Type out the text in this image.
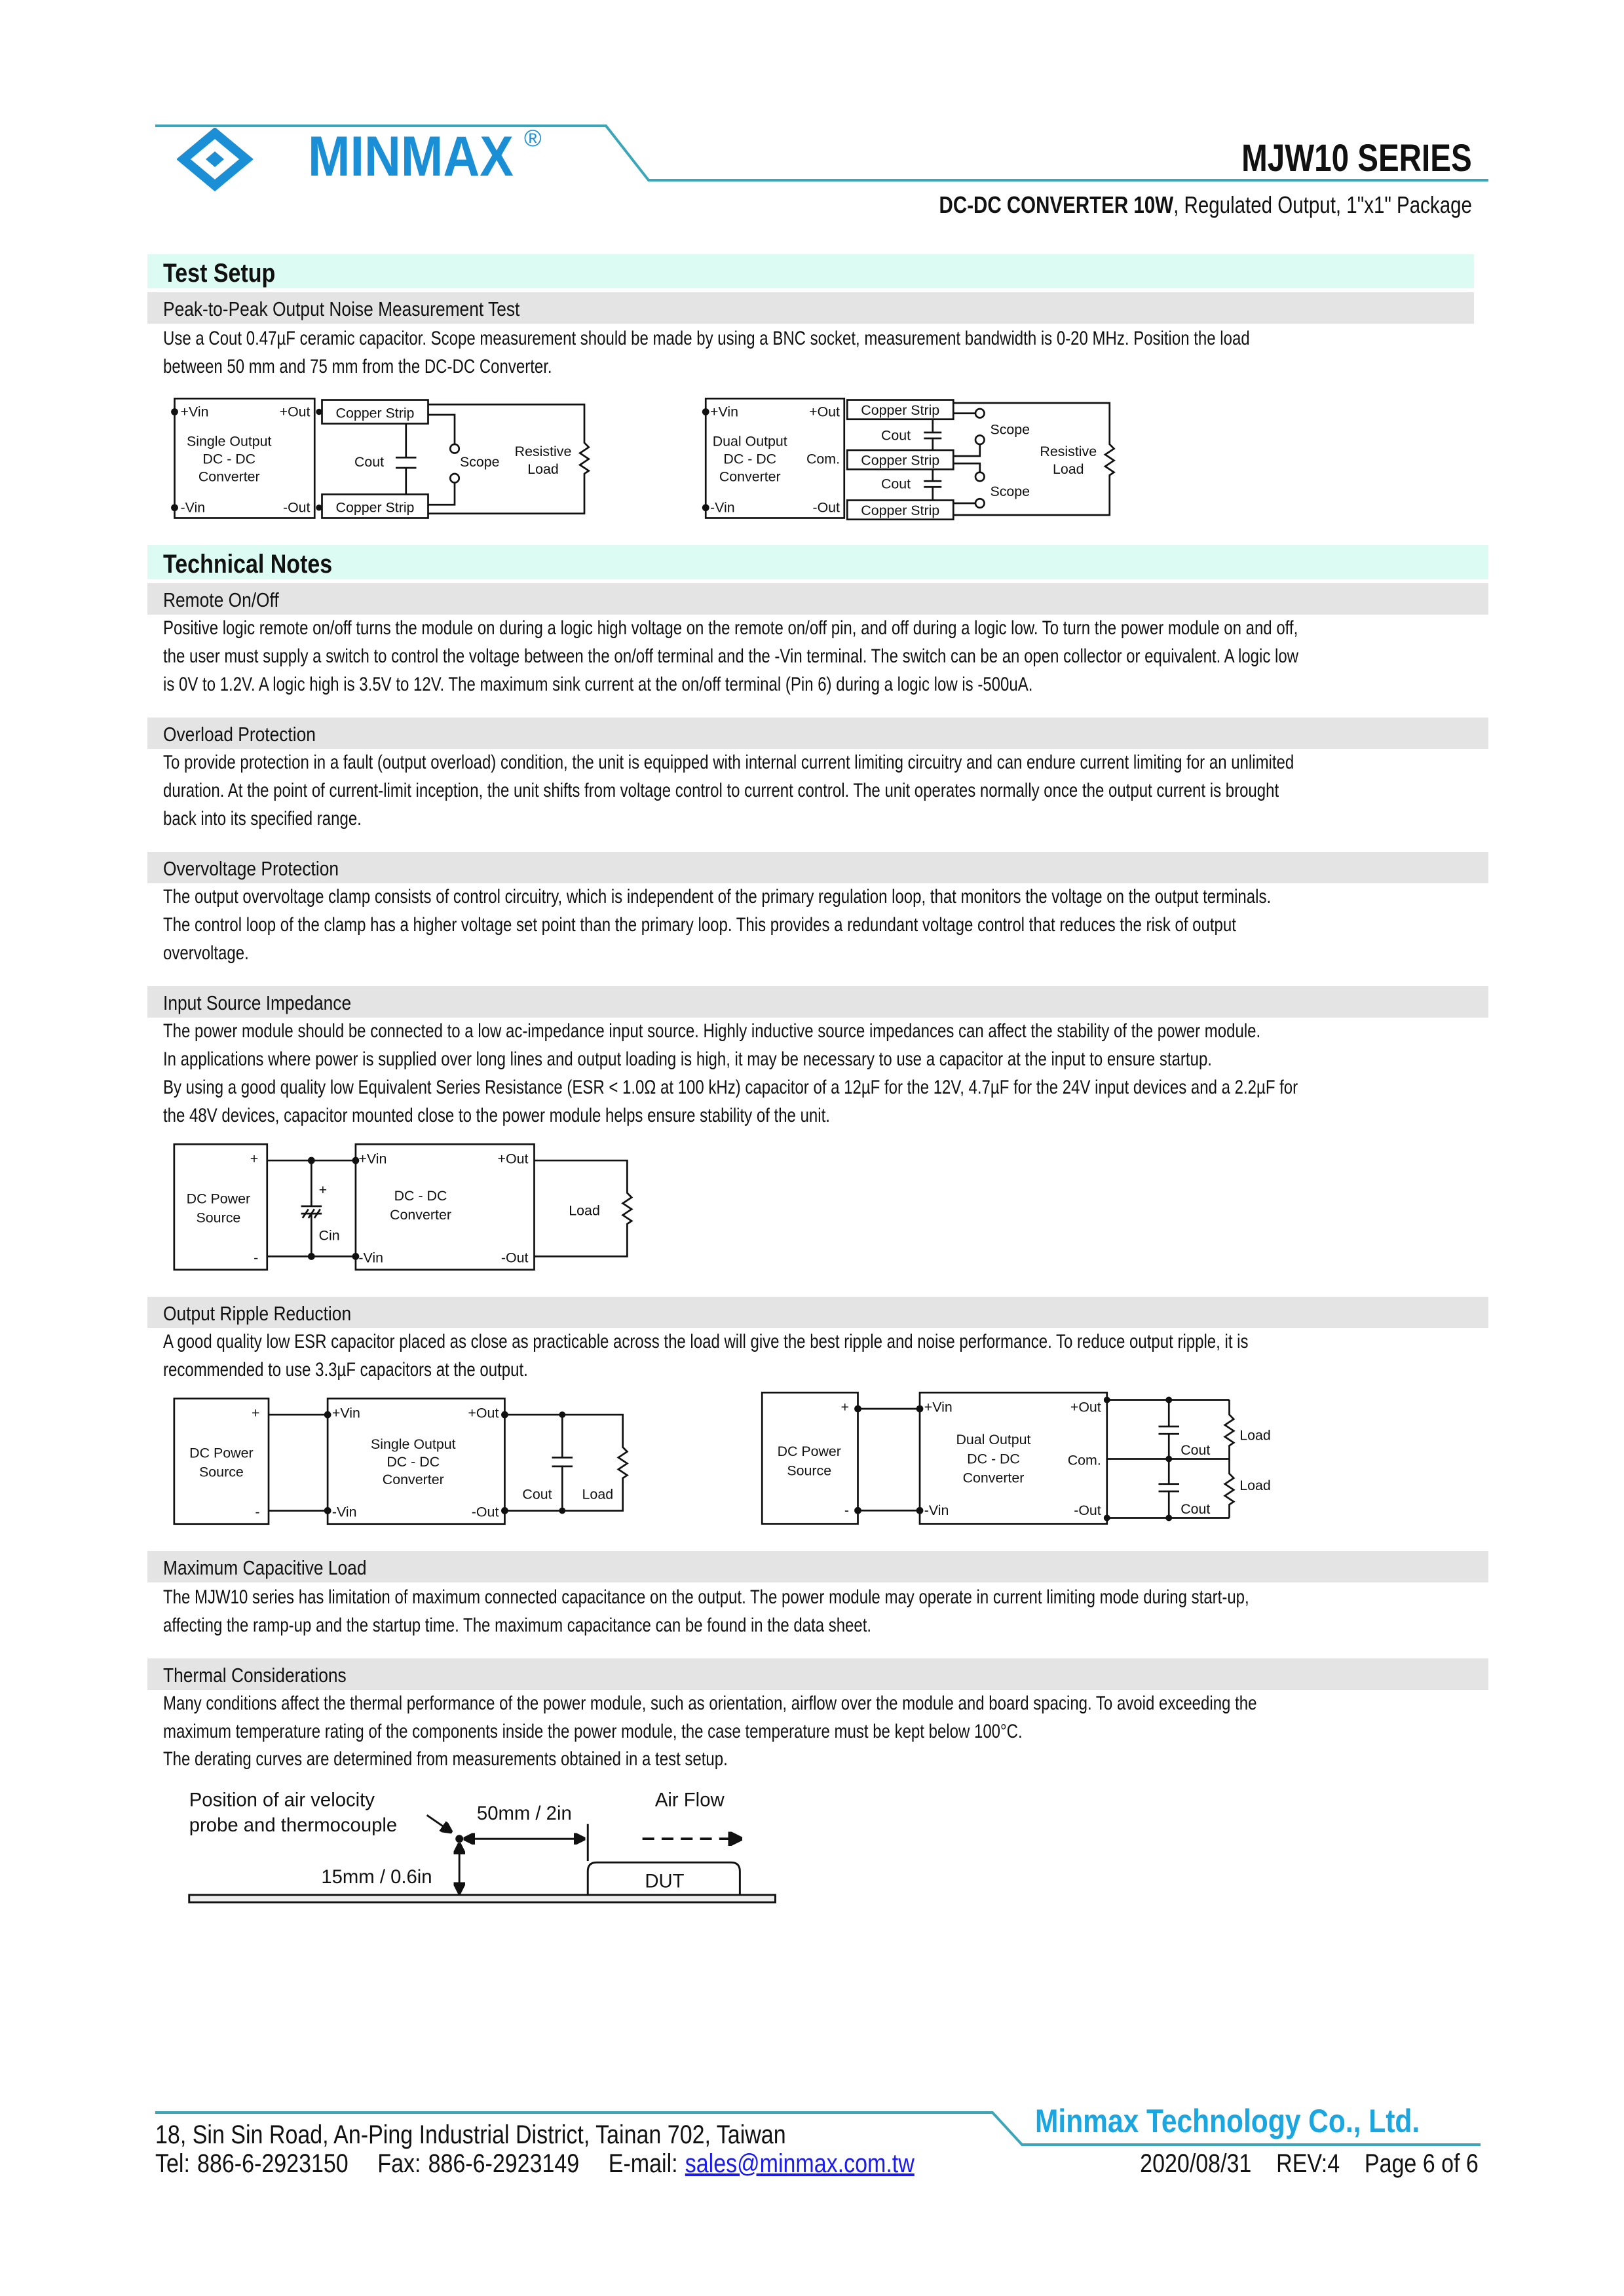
MINMAX ®	MJW10 SERIES
DC-DC CONVERTER 10W, Regulated Output, 1"x1" Package
Test Setup
Peak-to-Peak Output Noise Measurement Test
Use a Cout 0.47µF ceramic capacitor. Scope measurement should be made by using a BNC socket, measurement bandwidth is 0-20 MHz. Position the load
between 50 mm and 75 mm from the DC-DC Converter.
+Vin	+Out
Single Output
DC - DC
Converter
-Vin	-Out
Copper Strip
Copper Strip
Cout	Scope
Resistive
Load
+Vin	+Out
Dual Output
DC - DC
Converter
Com.
-Vin	-Out
Copper Strip
Copper Strip
Copper Strip
Cout
Cout
Scope
Scope
Resistive
Load
Technical Notes
Remote On/Off
Positive logic remote on/off turns the module on during a logic high voltage on the remote on/off pin, and off during a logic low. To turn the power module on and off,
the user must supply a switch to control the voltage between the on/off terminal and the -Vin terminal. The switch can be an open collector or equivalent. A logic low
is 0V to 1.2V. A logic high is 3.5V to 12V. The maximum sink current at the on/off terminal (Pin 6) during a logic low is -500uA.
Overload Protection
To provide protection in a fault (output overload) condition, the unit is equipped with internal current limiting circuitry and can endure current limiting for an unlimited
duration. At the point of current-limit inception, the unit shifts from voltage control to current control. The unit operates normally once the output current is brought
back into its specified range.
Overvoltage Protection
The output overvoltage clamp consists of control circuitry, which is independent of the primary regulation loop, that monitors the voltage on the output terminals.
The control loop of the clamp has a higher voltage set point than the primary loop. This provides a redundant voltage control that reduces the risk of output
overvoltage.
Input Source Impedance
The power module should be connected to a low ac-impedance input source. Highly inductive source impedances can affect the stability of the power module.
In applications where power is supplied over long lines and output loading is high, it may be necessary to use a capacitor at the input to ensure startup.
By using a good quality low Equivalent Series Resistance (ESR < 1.0Ω at 100 kHz) capacitor of a 12µF for the 12V, 4.7µF for the 24V input devices and a 2.2µF for
the 48V devices, capacitor mounted close to the power module helps ensure stability of the unit.
+
-
DC Power
Source
+
Cin
+Vin	+Out
DC - DC
Converter
-Vin	-Out
Load
Output Ripple Reduction
A good quality low ESR capacitor placed as close as practicable across the load will give the best ripple and noise performance. To reduce output ripple, it is
recommended to use 3.3µF capacitors at the output.
+
-
DC Power
Source
+Vin	+Out
Single Output
DC - DC
Converter
-Vin	-Out
Cout	Load
+
-
DC Power
Source
+Vin	+Out
Dual Output
DC - DC
Converter
Com.
-Vin	-Out
Cout
Cout
Load
Load
Maximum Capacitive Load
The MJW10 series has limitation of maximum connected capacitance on the output. The power module may operate in current limiting mode during start-up,
affecting the ramp-up and the startup time. The maximum capacitance can be found in the data sheet.
Thermal Considerations
Many conditions affect the thermal performance of the power module, such as orientation, airflow over the module and board spacing. To avoid exceeding the
maximum temperature rating of the components inside the power module, the case temperature must be kept below 100°C.
The derating curves are determined from measurements obtained in a test setup.
Position of air velocity
probe and thermocouple
50mm / 2in
Air Flow
15mm / 0.6in	DUT
Minmax Technology Co., Ltd.
18, Sin Sin Road, An-Ping Industrial District, Tainan 702, Taiwan
Tel: 886-6-2923150 Fax: 886-6-2923149 E-mail: sales@minmax.com.tw	2020/08/31 REV:4 Page 6 of 6
